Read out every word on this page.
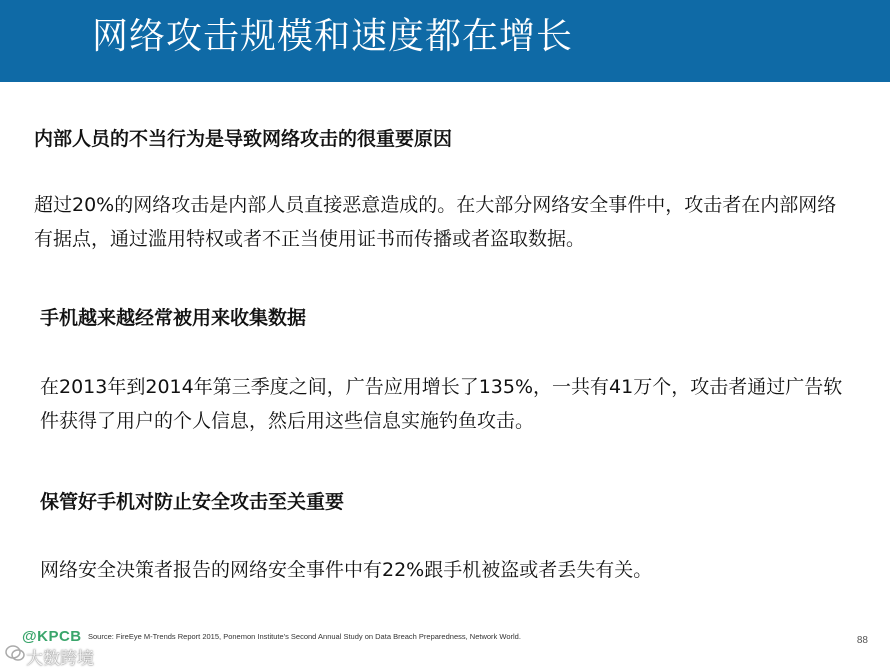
网络攻击规模和速度都在增长
内部人员的不当行为是导致网络攻击的很重要原因
超过20%的网络攻击是内部人员直接恶意造成的。在大部分网络安全事件中，攻击者在内部网络有据点，通过滥用特权或者不正当使用证书而传播或者盗取数据。
手机越来越经常被用来收集数据
在2013年到2014年第三季度之间，广告应用增长了135%，一共有41万个，攻击者通过广告软件获得了用户的个人信息，然后用这些信息实施钓鱼攻击。
保管好手机对防止安全攻击至关重要
网络安全决策者报告的网络安全事件中有22%跟手机被盗或者丢失有关。
@KPCB
大数跨境
Source: FireEye M-Trends Report 2015, Ponemon Institute's Second Annual Study on Data Breach Preparedness, Network World.	88
